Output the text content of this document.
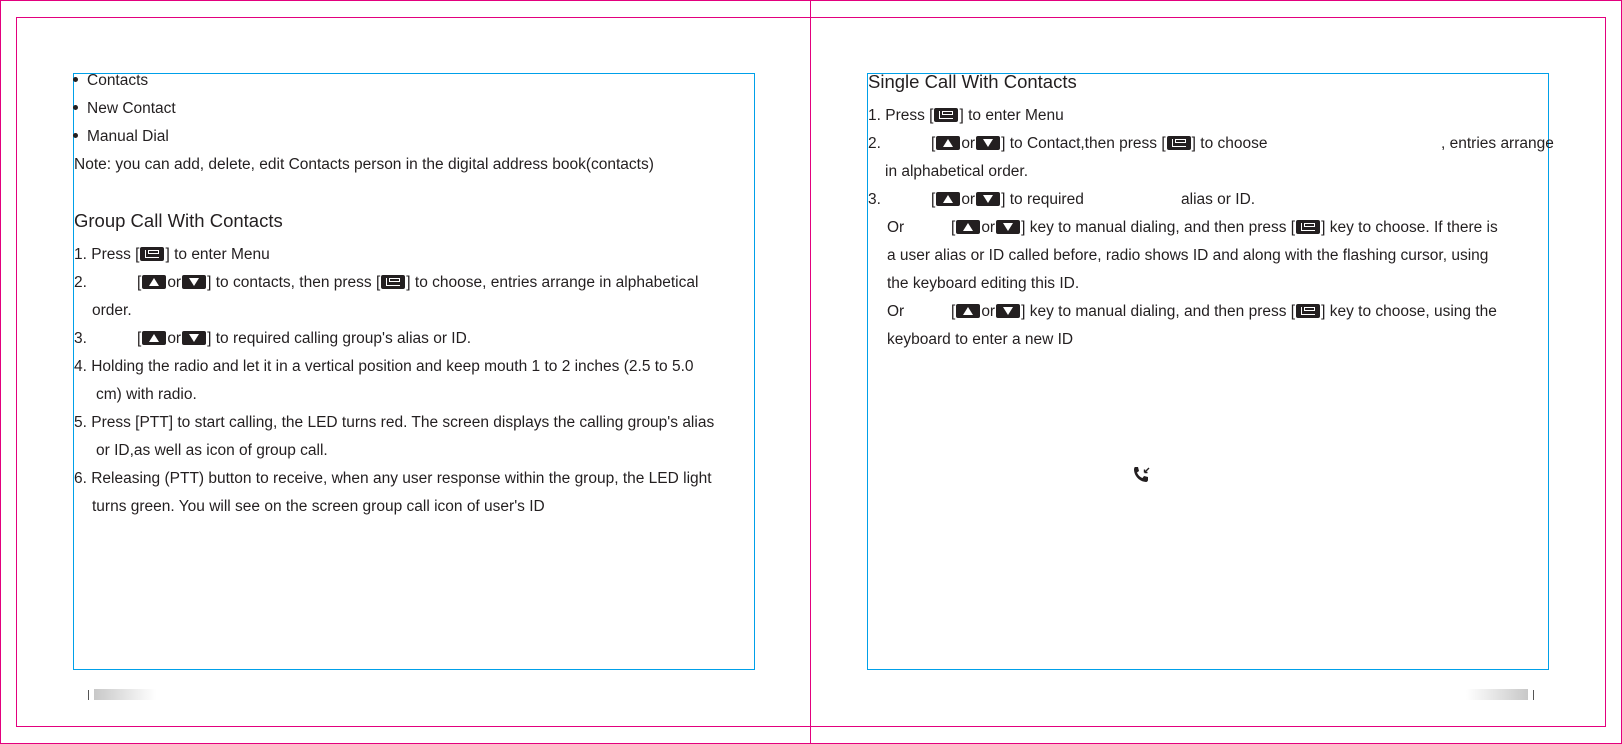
Contacts
New Contact
Manual Dial
Note: you can add, delete, edit Contacts person in the digital address book(contacts)
Group Call With Contacts
1. Press [ ] to enter Menu
2.	[ or ] to contacts, then press [ ] to choose, entries arrange in alphabetical
order.
3.	[ or ] to required calling group's alias or ID.
4. Holding the radio and let it in a vertical position and keep mouth 1 to 2 inches (2.5 to 5.0
cm) with radio.
5. Press [PTT] to start calling, the LED turns red. The screen displays the calling group's alias
or ID,as well as icon of group call.
6. Releasing (PTT) button to receive, when any user response within the group, the LED light
turns green. You will see on the screen group call icon of user's ID
Single Call With Contacts
1. Press [ ] to enter Menu
2.	[ or ] to Contact,then press [ ] to choose	, entries arrange
in alphabetical order.
3.	[ or ] to required	alias or ID.
Or	[ or ] key to manual dialing, and then press [ ] key to choose. If there is
a user alias or ID called before, radio shows ID and along with the flashing cursor, using
the keyboard editing this ID.
Or	[ or ] key to manual dialing, and then press [ ] key to choose, using the
keyboard to enter a new ID
